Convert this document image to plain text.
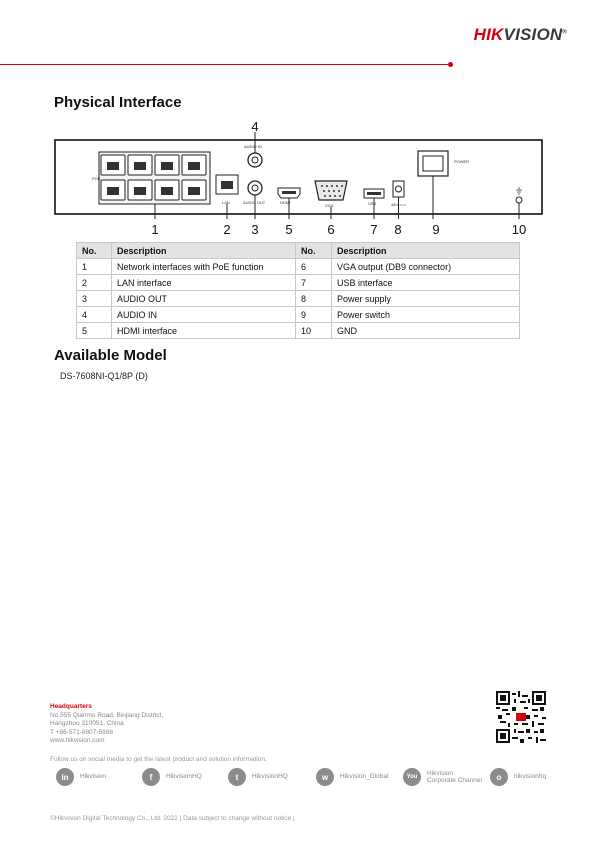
HIKVISION®
Physical Interface
POE
LAN
AUDIO IN
AUDIO OUT	HDMI
VGA	USB	48V ===
POWER
1	2 3
4
5	6	7 8 9	10
No.	Description	No.	Description
1	Network interfaces with PoE function	6	VGA output (DB9 connector)
2	LAN interface	7	USB interface
3	AUDIO OUT	8	Power supply
4	AUDIO IN	9	Power switch
5	HDMI interface	10	GND
Available Model
DS-7608NI-Q1/8P (D)
Headquarters
No.555 Qianmo Road, Binjiang District,
Hangzhou 310051, China
T +86-571-8807-5998
www.hikvision.com
Follow us on social media to get the latest product and solution information.
in	Hikvision	f	HikvisionHQ	t	HikvisionHQ	w	Hikvision_Global	You
Hikvision
Corporate Channel	o	hikvisionhq
©Hikvision Digital Technology Co., Ltd. 2022 | Data subject to change without notice |
